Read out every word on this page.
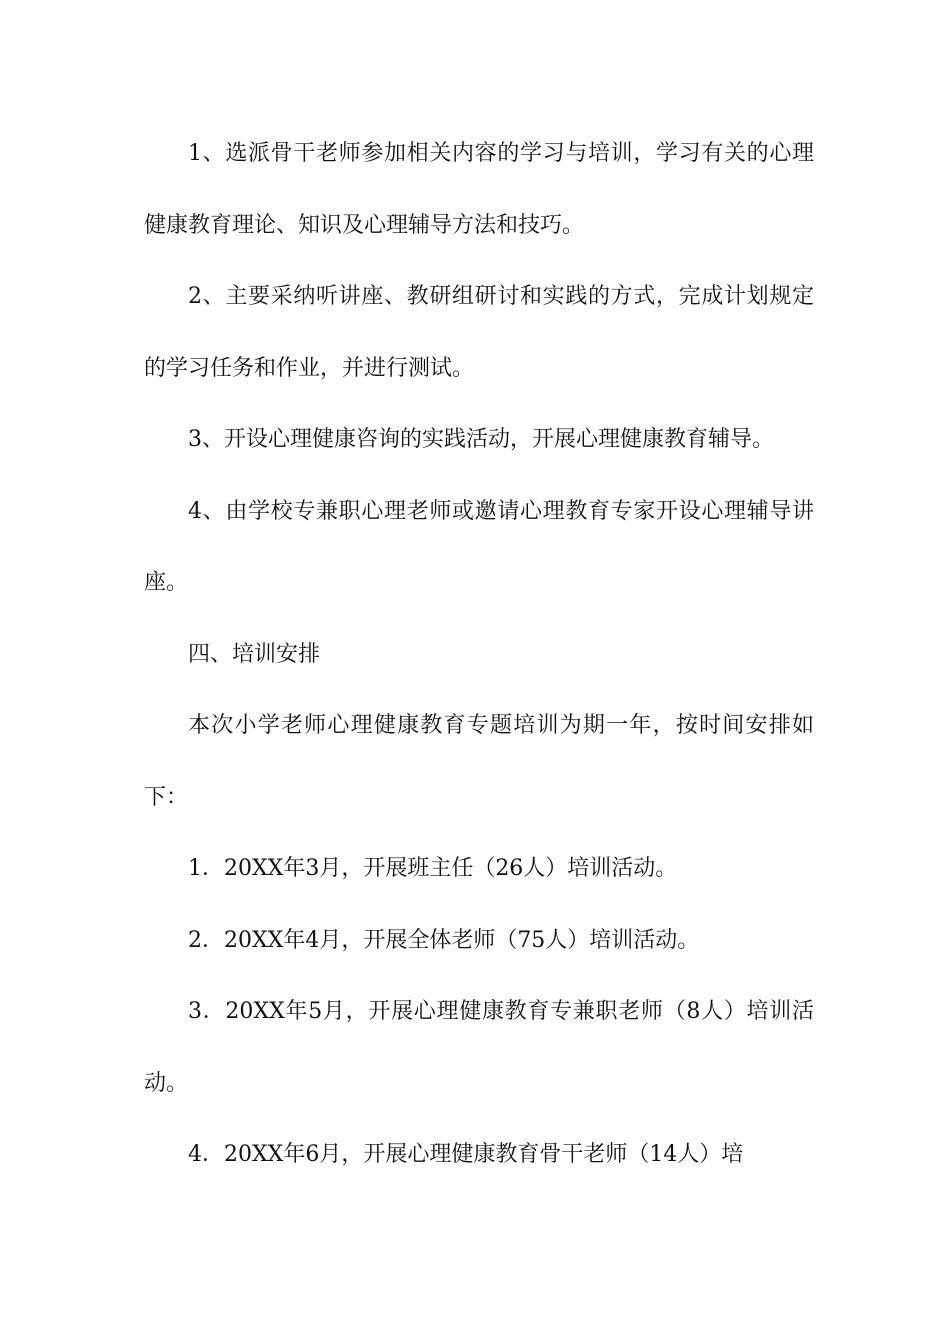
1、选派骨干老师参加相关内容的学习与培训，学习有关的心理健康教育理论、知识及心理辅导方法和技巧。

2、主要采纳听讲座、教研组研讨和实践的方式，完成计划规定的学习任务和作业，并进行测试。

3、开设心理健康咨询的实践活动，开展心理健康教育辅导。

4、由学校专兼职心理老师或邀请心理教育专家开设心理辅导讲座。

四、培训安排

本次小学老师心理健康教育专题培训为期一年，按时间安排如下：

1．20XX年3月，开展班主任（26人）培训活动。

2．20XX年4月，开展全体老师（75人）培训活动。

3．20XX年5月，开展心理健康教育专兼职老师（8人）培训活动。

4．20XX年6月，开展心理健康教育骨干老师（14人）培
